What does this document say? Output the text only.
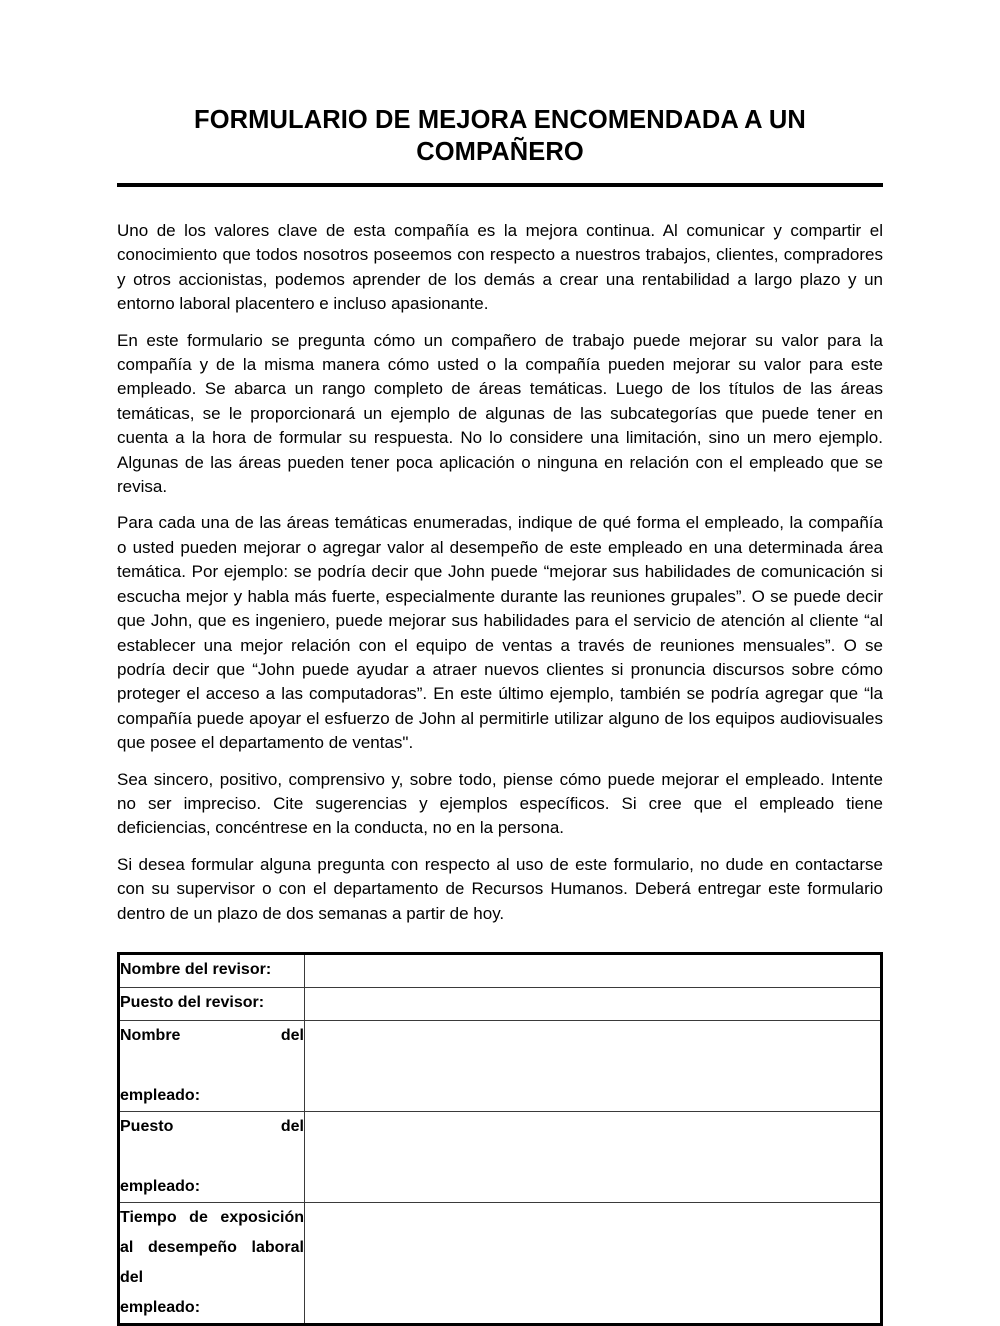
FORMULARIO DE MEJORA ENCOMENDADA A UN COMPAÑERO

Uno de los valores clave de esta compañía es la mejora continua. Al comunicar y compartir el conocimiento que todos nosotros poseemos con respecto a nuestros trabajos, clientes, compradores y otros accionistas, podemos aprender de los demás a crear una rentabilidad a largo plazo y un entorno laboral placentero e incluso apasionante.

En este formulario se pregunta cómo un compañero de trabajo puede mejorar su valor para la compañía y de la misma manera cómo usted o la compañía pueden mejorar su valor para este empleado. Se abarca un rango completo de áreas temáticas. Luego de los títulos de las áreas temáticas, se le proporcionará un ejemplo de algunas de las subcategorías que puede tener en cuenta a la hora de formular su respuesta. No lo considere una limitación, sino un mero ejemplo. Algunas de las áreas pueden tener poca aplicación o ninguna en relación con el empleado que se revisa.

Para cada una de las áreas temáticas enumeradas, indique de qué forma el empleado, la compañía o usted pueden mejorar o agregar valor al desempeño de este empleado en una determinada área temática. Por ejemplo: se podría decir que John puede “mejorar sus habilidades de comunicación si escucha mejor y habla más fuerte, especialmente durante las reuniones grupales”. O se puede decir que John, que es ingeniero, puede mejorar sus habilidades para el servicio de atención al cliente “al establecer una mejor relación con el equipo de ventas a través de reuniones mensuales”. O se podría decir que “John puede ayudar a atraer nuevos clientes si pronuncia discursos sobre cómo proteger el acceso a las computadoras”. En este último ejemplo, también se podría agregar que “la compañía puede apoyar el esfuerzo de John al permitirle utilizar alguno de los equipos audiovisuales que posee el departamento de ventas".

Sea sincero, positivo, comprensivo y, sobre todo, piense cómo puede mejorar el empleado. Intente no ser impreciso. Cite sugerencias y ejemplos específicos. Si cree que el empleado tiene deficiencias, concéntrese en la conducta, no en la persona.

Si desea formular alguna pregunta con respecto al uso de este formulario, no dude en contactarse con su supervisor o con el departamento de Recursos Humanos. Deberá entregar este formulario dentro de un plazo de dos semanas a partir de hoy.

Nombre del revisor:	

Puesto del revisor:	

Nombre del
empleado:	

Puesto del
empleado:	

Tiempo de exposición al desempeño laboral del
empleado:	
